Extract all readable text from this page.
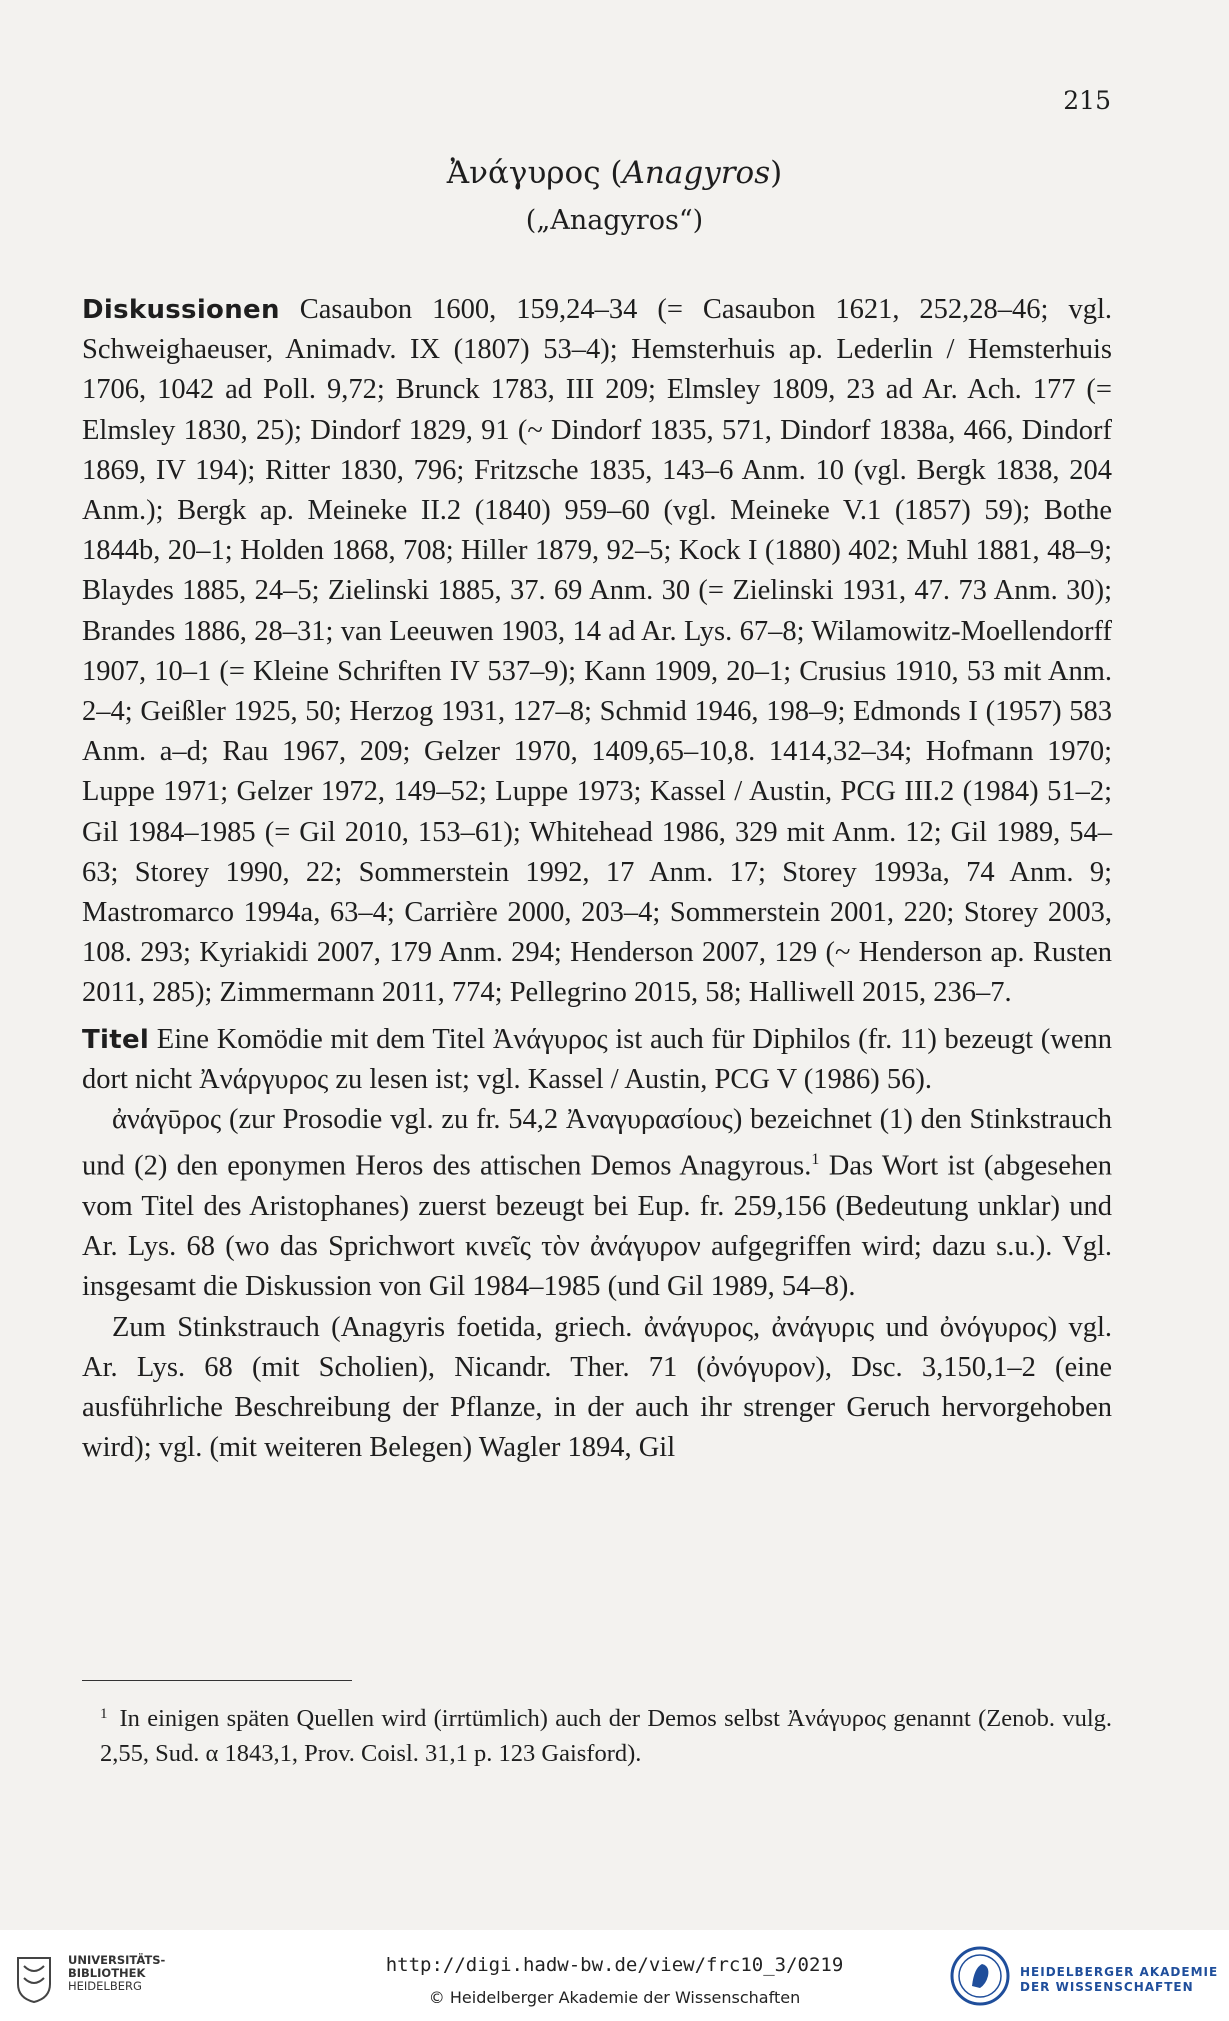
215
Ἀνάγυρος (Anagyros)
(„Anagyros“)

Diskussionen Casaubon 1600, 159,24–34 (= Casaubon 1621, 252,28–46; vgl. Schweighaeuser, Animadv. IX (1807) 53–4); Hemsterhuis ap. Lederlin / Hemsterhuis 1706, 1042 ad Poll. 9,72; Brunck 1783, III 209; Elmsley 1809, 23 ad Ar. Ach. 177 (= Elmsley 1830, 25); Dindorf 1829, 91 (~ Dindorf 1835, 571, Dindorf 1838a, 466, Dindorf 1869, IV 194); Ritter 1830, 796; Fritzsche 1835, 143–6 Anm. 10 (vgl. Bergk 1838, 204 Anm.); Bergk ap. Meineke II.2 (1840) 959–60 (vgl. Meineke V.1 (1857) 59); Bothe 1844b, 20–1; Holden 1868, 708; Hiller 1879, 92–5; Kock I (1880) 402; Muhl 1881, 48–9; Blaydes 1885, 24–5; Zielinski 1885, 37. 69 Anm. 30 (= Zielinski 1931, 47. 73 Anm. 30); Brandes 1886, 28–31; van Leeuwen 1903, 14 ad Ar. Lys. 67–8; Wilamowitz-Moellendorff 1907, 10–1 (= Kleine Schriften IV 537–9); Kann 1909, 20–1; Crusius 1910, 53 mit Anm. 2–4; Geißler 1925, 50; Herzog 1931, 127–8; Schmid 1946, 198–9; Edmonds I (1957) 583 Anm. a–d; Rau 1967, 209; Gelzer 1970, 1409,65–10,8. 1414,32–34; Hofmann 1970; Luppe 1971; Gelzer 1972, 149–52; Luppe 1973; Kassel / Austin, PCG III.2 (1984) 51–2; Gil 1984–1985 (= Gil 2010, 153–61); Whitehead 1986, 329 mit Anm. 12; Gil 1989, 54–63; Storey 1990, 22; Sommerstein 1992, 17 Anm. 17; Storey 1993a, 74 Anm. 9; Mastromarco 1994a, 63–4; Carrière 2000, 203–4; Sommerstein 2001, 220; Storey 2003, 108. 293; Kyriakidi 2007, 179 Anm. 294; Henderson 2007, 129 (~ Henderson ap. Rusten 2011, 285); Zimmermann 2011, 774; Pellegrino 2015, 58; Halliwell 2015, 236–7.

Titel Eine Komödie mit dem Titel Ἀνάγυρος ist auch für Diphilos (fr. 11) bezeugt (wenn dort nicht Ἀνάργυρος zu lesen ist; vgl. Kassel / Austin, PCG V (1986) 56).

ἀνάγῡρος (zur Prosodie vgl. zu fr. 54,2 Ἀναγυρασίους) bezeichnet (1) den Stinkstrauch und (2) den eponymen Heros des attischen Demos Anagyrous.$^1$ Das Wort ist (abgesehen vom Titel des Aristophanes) zuerst bezeugt bei Eup. fr. 259,156 (Bedeutung unklar) und Ar. Lys. 68 (wo das Sprichwort κινεῖς τὸν ἀνάγυρον aufgegriffen wird; dazu s.u.). Vgl. insgesamt die Diskussion von Gil 1984–1985 (und Gil 1989, 54–8).

Zum Stinkstrauch (Anagyris foetida, griech. ἀνάγυρος, ἀνάγυρις und ὀνόγυρος) vgl. Ar. Lys. 68 (mit Scholien), Nicandr. Ther. 71 (ὀνόγυρον), Dsc. 3,150,1–2 (eine ausführliche Beschreibung der Pflanze, in der auch ihr strenger Geruch hervorgehoben wird); vgl. (mit weiteren Belegen) Wagler 1894, Gil

$^1$ In einigen späten Quellen wird (irrtümlich) auch der Demos selbst Ἀνάγυρος genannt (Zenob. vulg. 2,55, Sud. α 1843,1, Prov. Coisl. 31,1 p. 123 Gaisford).
UNIVERSITÄTS-
BIBLIOTHEK
HEIDELBERG
http://digi.hadw-bw.de/view/frc10_3/0219
© Heidelberger Akademie der Wissenschaften
HEIDELBERGER AKADEMIE
DER WISSENSCHAFTEN
